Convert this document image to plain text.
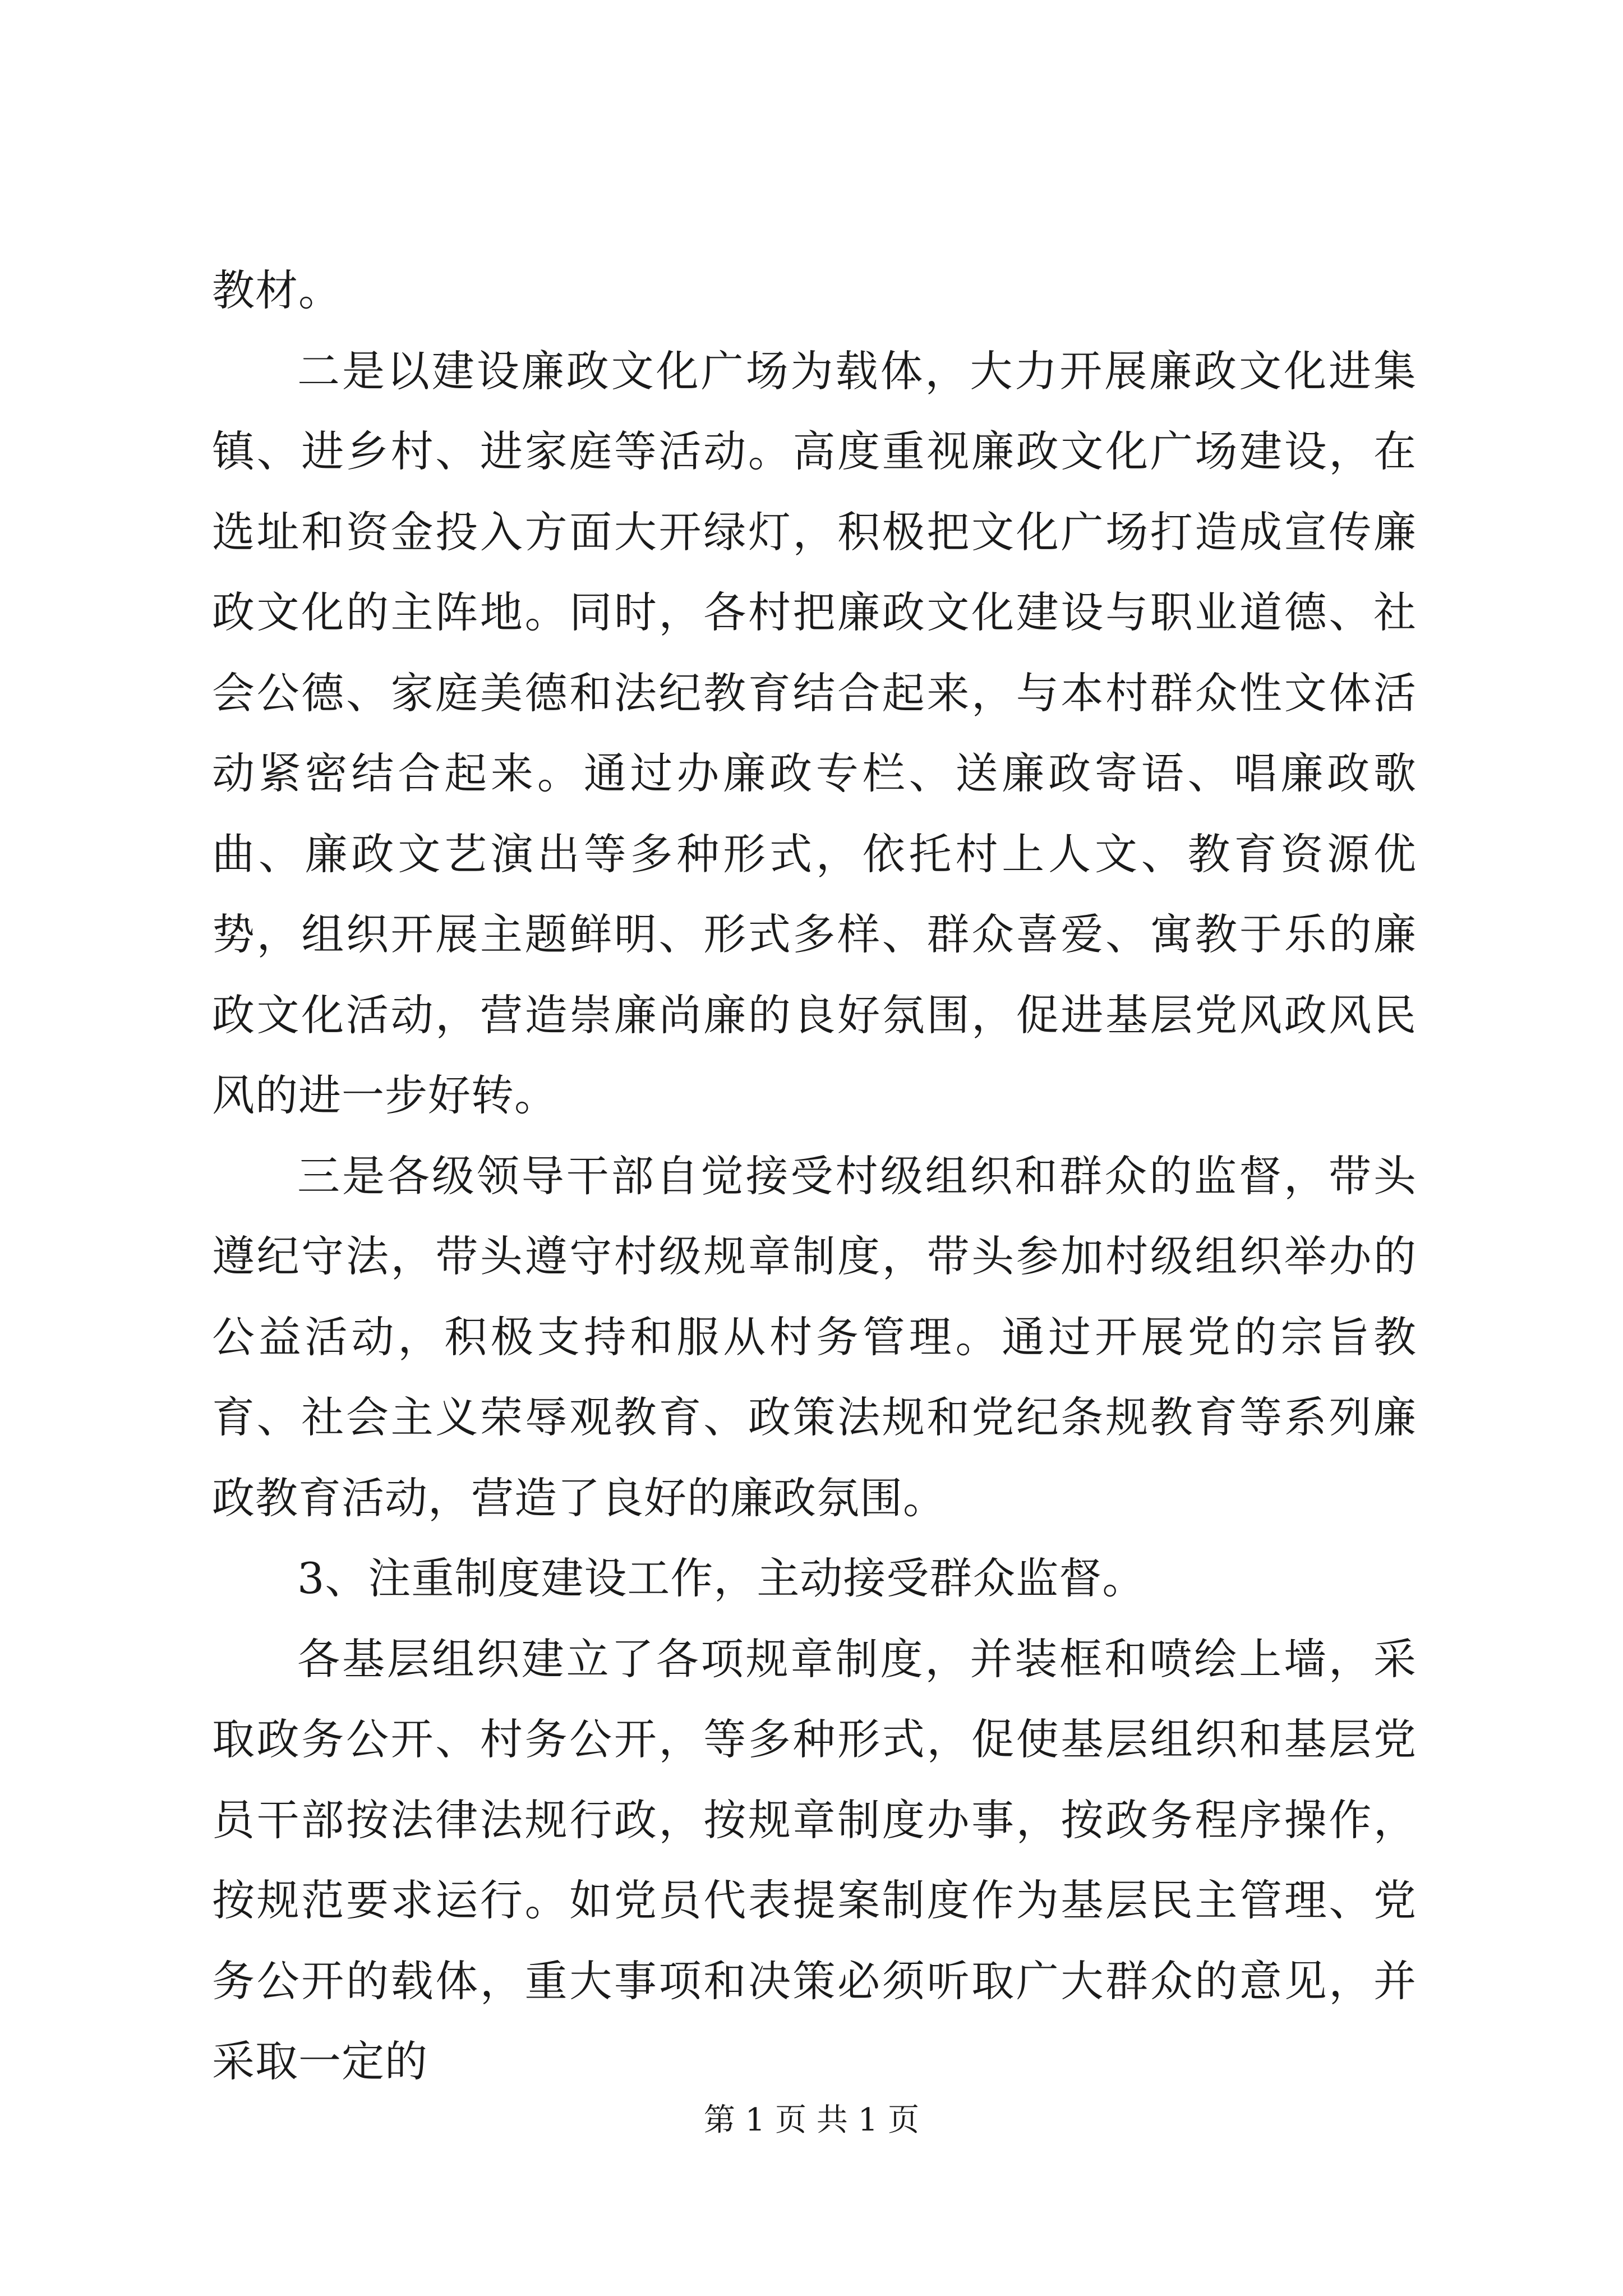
教材。

二是以建设廉政文化广场为载体，大力开展廉政文化进集镇、进乡村、进家庭等活动。高度重视廉政文化广场建设，在选址和资金投入方面大开绿灯，积极把文化广场打造成宣传廉政文化的主阵地。同时，各村把廉政文化建设与职业道德、社会公德、家庭美德和法纪教育结合起来，与本村群众性文体活动紧密结合起来。通过办廉政专栏、送廉政寄语、唱廉政歌曲、廉政文艺演出等多种形式，依托村上人文、教育资源优势，组织开展主题鲜明、形式多样、群众喜爱、寓教于乐的廉政文化活动，营造崇廉尚廉的良好氛围，促进基层党风政风民风的进一步好转。

三是各级领导干部自觉接受村级组织和群众的监督，带头遵纪守法，带头遵守村级规章制度，带头参加村级组织举办的公益活动，积极支持和服从村务管理。通过开展党的宗旨教育、社会主义荣辱观教育、政策法规和党纪条规教育等系列廉政教育活动，营造了良好的廉政氛围。

3、注重制度建设工作，主动接受群众监督。

各基层组织建立了各项规章制度，并装框和喷绘上墙，采取政务公开、村务公开，等多种形式，促使基层组织和基层党员干部按法律法规行政，按规章制度办事，按政务程序操作，按规范要求运行。如党员代表提案制度作为基层民主管理、党务公开的载体，重大事项和决策必须听取广大群众的意见，并采取一定的

第 1 页 共 1 页
